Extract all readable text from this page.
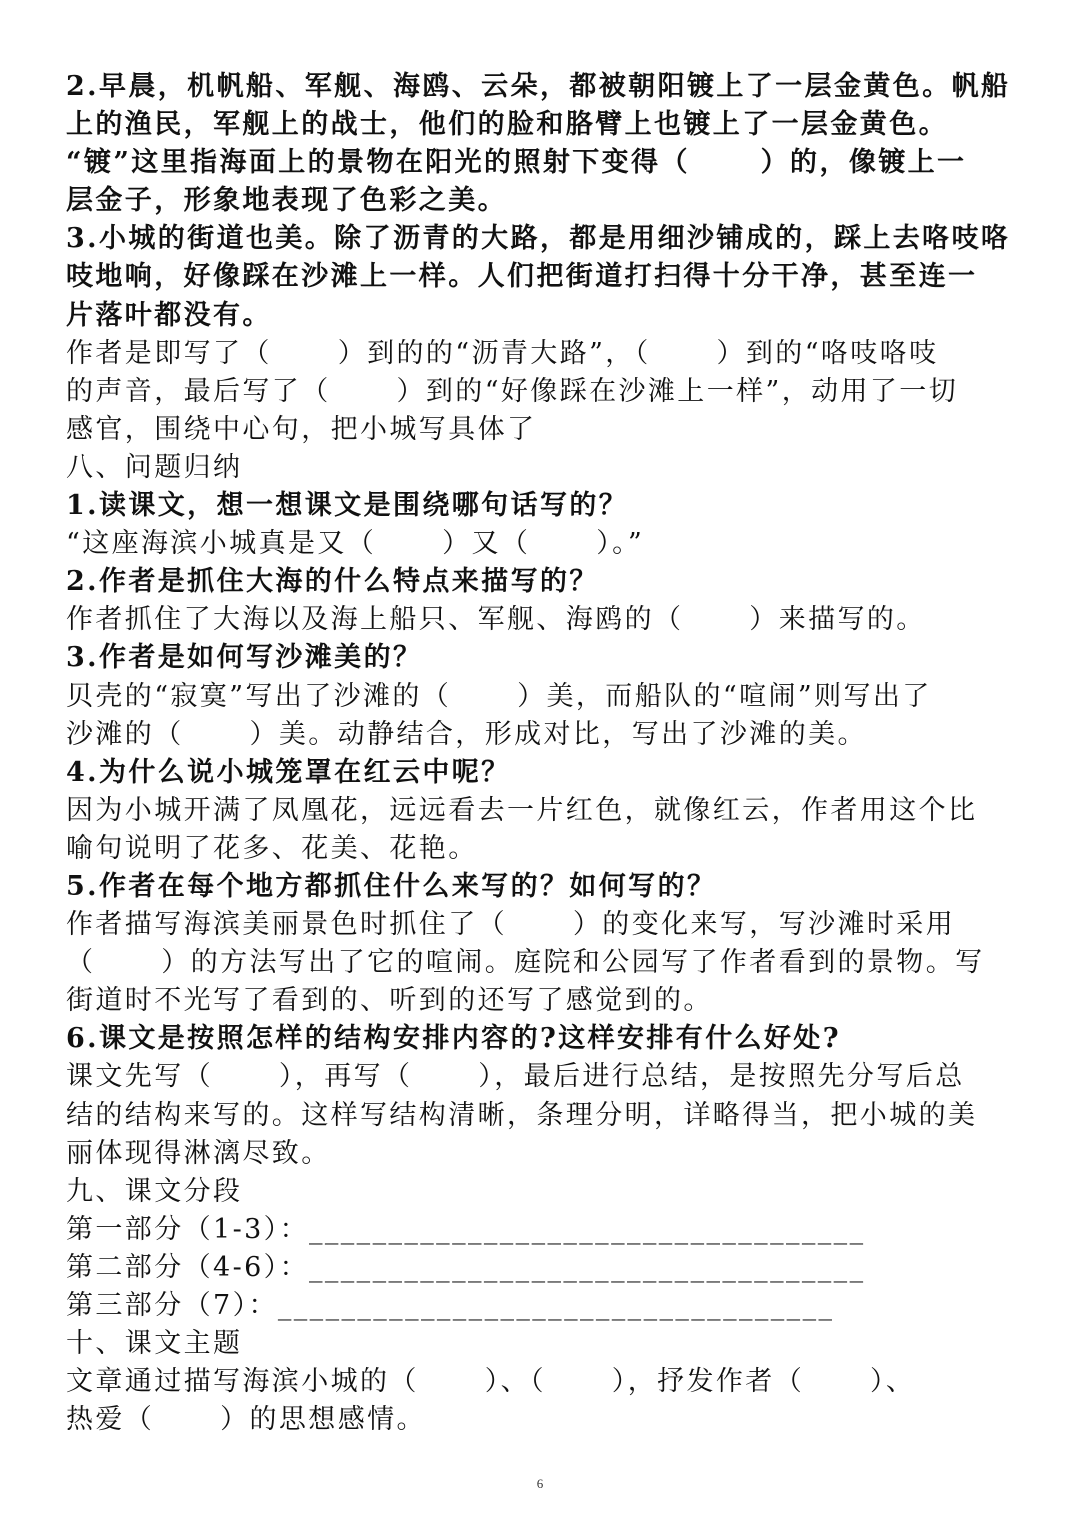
2.早晨，机帆船、军舰、海鸥、云朵，都被朝阳镀上了一层金黄色。帆船
上的渔民，军舰上的战士，他们的脸和胳臂上也镀上了一层金黄色。
“镀”这里指海面上的景物在阳光的照射下变得（      ）的，像镀上一
层金子，形象地表现了色彩之美。
3.小城的街道也美。除了沥青的大路，都是用细沙铺成的，踩上去咯吱咯
吱地响，好像踩在沙滩上一样。人们把街道打扫得十分干净，甚至连一
片落叶都没有。
作者是即写了（      ）到的的“沥青大路”，（      ）到的“咯吱咯吱
的声音，最后写了（      ）到的“好像踩在沙滩上一样”，动用了一切
感官，围绕中心句，把小城写具体了
八、问题归纳
1.读课文，想一想课文是围绕哪句话写的？
“这座海滨小城真是又（      ）又（      ）。”
2.作者是抓住大海的什么特点来描写的？
作者抓住了大海以及海上船只、军舰、海鸥的（      ）来描写的。
3.作者是如何写沙滩美的？
贝壳的“寂寞”写出了沙滩的（      ）美，而船队的“喧闹”则写出了
沙滩的（      ）美。动静结合，形成对比，写出了沙滩的美。
4.为什么说小城笼罩在红云中呢？
因为小城开满了凤凰花，远远看去一片红色，就像红云，作者用这个比
喻句说明了花多、花美、花艳。
5.作者在每个地方都抓住什么来写的？如何写的？
作者描写海滨美丽景色时抓住了（      ）的变化来写，写沙滩时采用
（      ）的方法写出了它的喧闹。庭院和公园写了作者看到的景物。写
街道时不光写了看到的、听到的还写了感觉到的。
6.课文是按照怎样的结构安排内容的?这样安排有什么好处?
课文先写（      ），再写（      ），最后进行总结，是按照先分写后总
结的结构来写的。这样写结构清晰，条理分明，详略得当，把小城的美
丽体现得淋漓尽致。
九、课文分段
第一部分（1-3）：___________________________________
第二部分（4-6）：___________________________________
第三部分（7）：___________________________________
十、课文主题
文章通过描写海滨小城的（      ）、（      ），抒发作者（      ）、
热爱（      ）的思想感情。
6
